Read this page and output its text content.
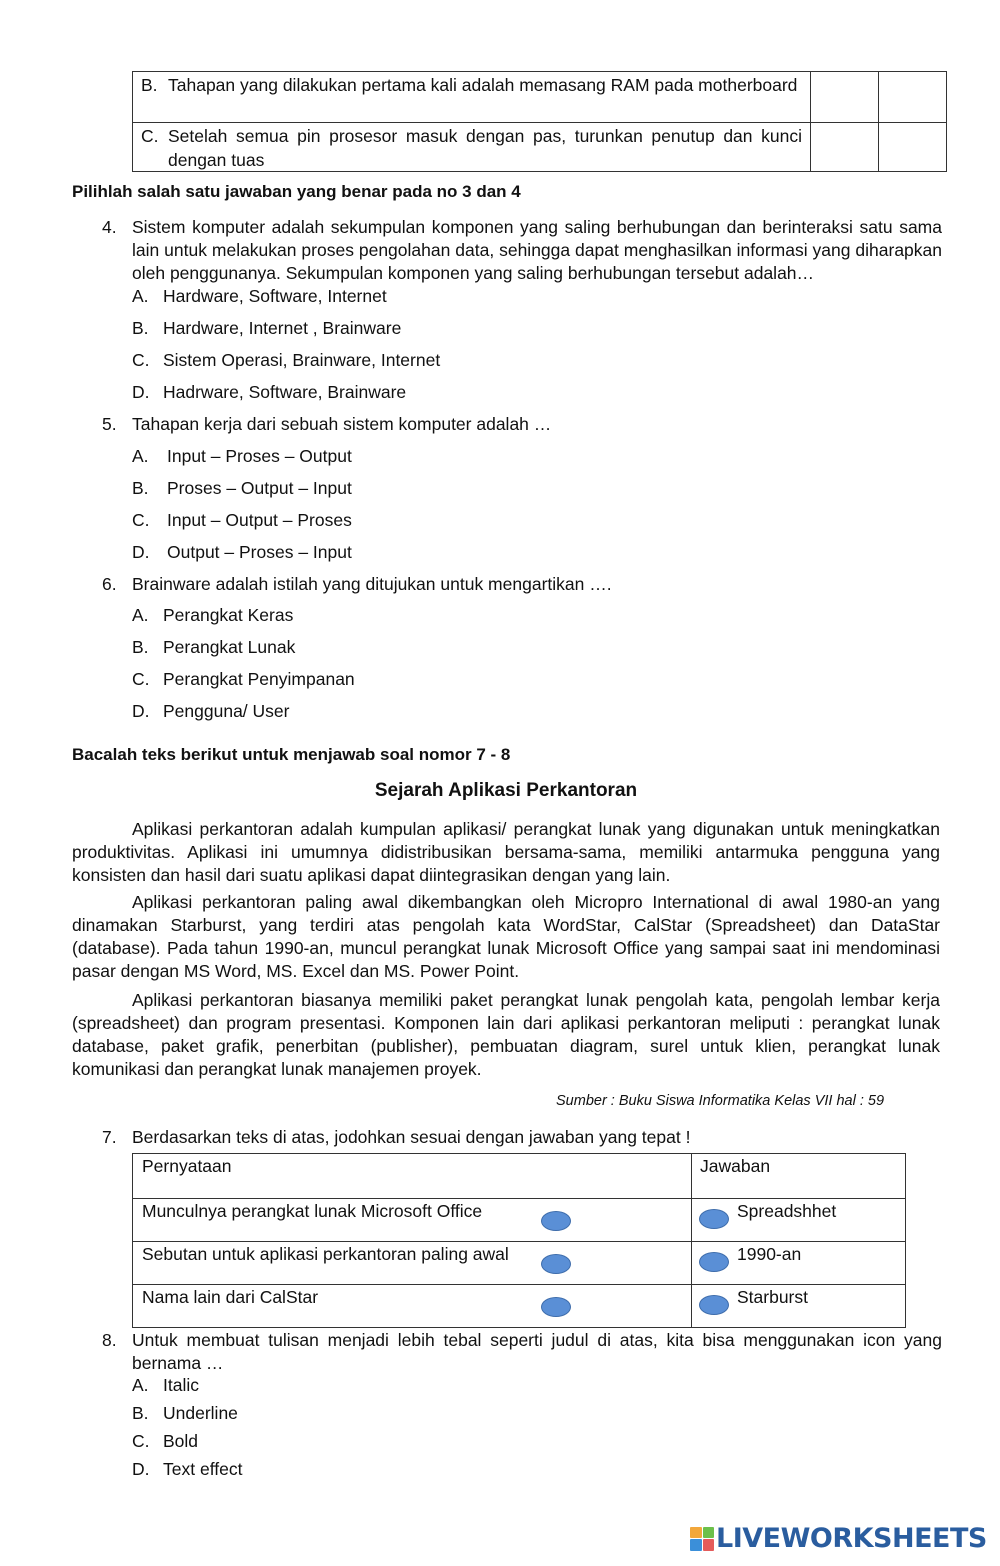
B. Tahapan yang dilakukan pertama kali adalah memasang RAM pada motherboard
C. Setelah semua pin prosesor masuk dengan pas, turunkan penutup dan kunci dengan tuas
Pilihlah salah satu jawaban yang benar pada no 3 dan 4
4. Sistem komputer adalah sekumpulan komponen yang saling berhubungan dan berinteraksi satu sama lain untuk melakukan proses pengolahan data, sehingga dapat menghasilkan informasi yang diharapkan oleh penggunanya. Sekumpulan komponen yang saling berhubungan tersebut adalah…
A. Hardware, Software, Internet
B. Hardware, Internet , Brainware
C. Sistem Operasi, Brainware, Internet
D. Hadrware, Software, Brainware
5. Tahapan kerja dari sebuah sistem komputer adalah …
A.	Input – Proses – Output
B.	Proses – Output – Input
C.	Input – Output – Proses
D.	Output – Proses – Input
6. Brainware adalah istilah yang ditujukan untuk mengartikan ….
A. Perangkat Keras
B. Perangkat Lunak
C. Perangkat Penyimpanan
D. Pengguna/ User
Bacalah teks berikut untuk menjawab soal nomor 7 - 8
Sejarah Aplikasi Perkantoran
Aplikasi perkantoran adalah kumpulan aplikasi/ perangkat lunak yang digunakan untuk meningkatkan produktivitas. Aplikasi ini umumnya didistribusikan bersama-sama, memiliki antarmuka pengguna yang konsisten dan hasil dari suatu aplikasi dapat diintegrasikan dengan yang lain.
Aplikasi perkantoran paling awal dikembangkan oleh Micropro International di awal 1980-an yang dinamakan Starburst, yang terdiri atas pengolah kata WordStar, CalStar (Spreadsheet) dan DataStar (database). Pada tahun 1990-an, muncul perangkat lunak Microsoft Office yang sampai saat ini mendominasi pasar dengan MS Word, MS. Excel dan MS. Power Point.
Aplikasi perkantoran biasanya memiliki paket perangkat lunak pengolah kata, pengolah lembar kerja (spreadsheet) dan program presentasi. Komponen lain dari aplikasi perkantoran meliputi : perangkat lunak database, paket grafik, penerbitan (publisher), pembuatan diagram, surel untuk klien, perangkat lunak komunikasi dan perangkat lunak manajemen proyek.
Sumber : Buku Siswa Informatika Kelas VII hal : 59
7. Berdasarkan teks di atas, jodohkan sesuai dengan jawaban yang tepat !
Pernyataan	Jawaban
Munculnya perangkat lunak Microsoft Office	Spreadshhet
Sebutan untuk aplikasi perkantoran paling awal	1990-an
Nama lain dari CalStar	Starburst
8. Untuk membuat tulisan menjadi lebih tebal seperti judul di atas, kita bisa menggunakan icon yang bernama …
A. Italic
B. Underline
C. Bold
D. Text effect
LIVEWORKSHEETS
